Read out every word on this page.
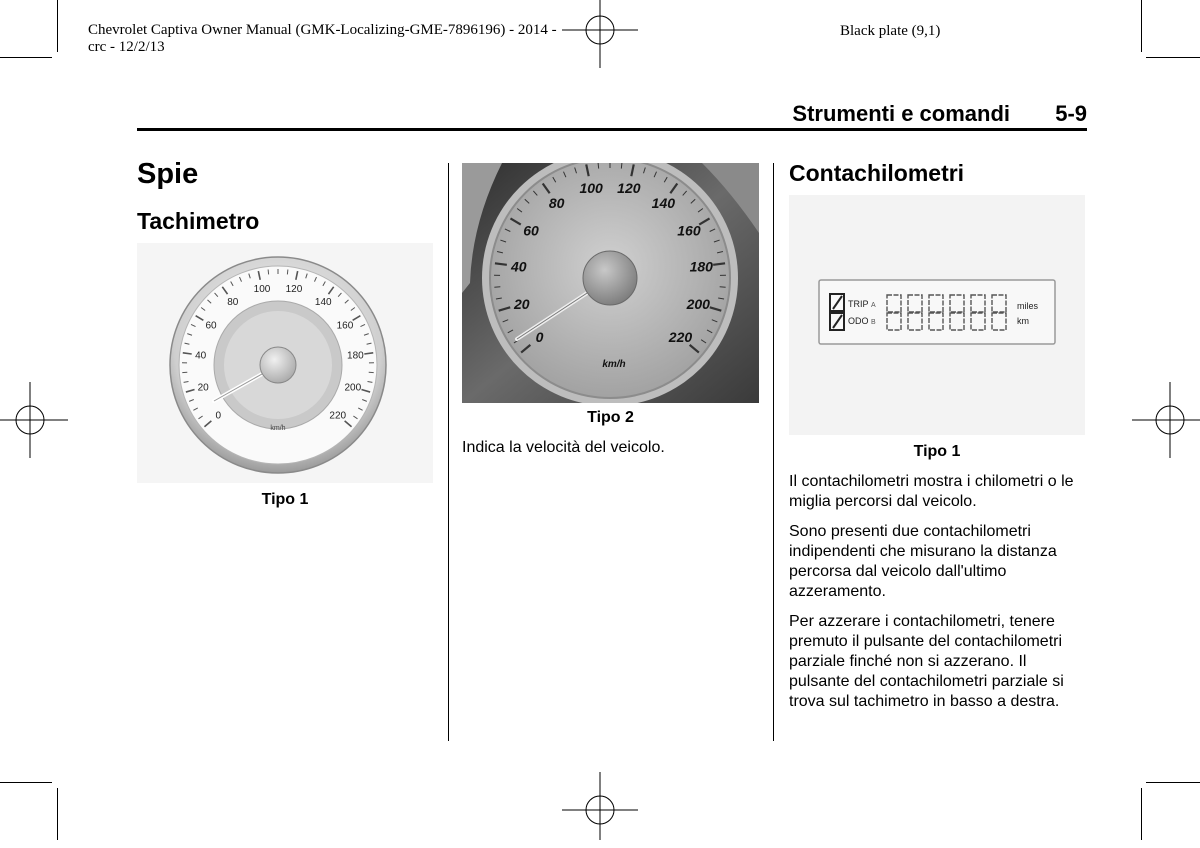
Chevrolet Captiva Owner Manual (GMK-Localizing-GME-7896196) - 2014 -
crc - 12/2/13
Black plate (9,1)
Strumenti e comandi 5-9
Spie
Tachimetro
0
20
40
60
80
100 120
140
160
180
200
220
km/h
Tipo 1
0
20
40
60
80
100 120
140
160
180
200
220
km/h
Tipo 2
Indica la velocità del veicolo.
Contachilometri
TRIP A
ODO B
miles
km
Tipo 1

Il contachilometri mostra i chilometri o le miglia percorsi dal veicolo.

Sono presenti due contachilometri indipendenti che misurano la distanza percorsa dal veicolo dall'ultimo azzeramento.

Per azzerare i contachilometri, tenere premuto il pulsante del contachilometri parziale finché non si azzerano. Il pulsante del contachilometri parziale si trova sul tachimetro in basso a destra.
